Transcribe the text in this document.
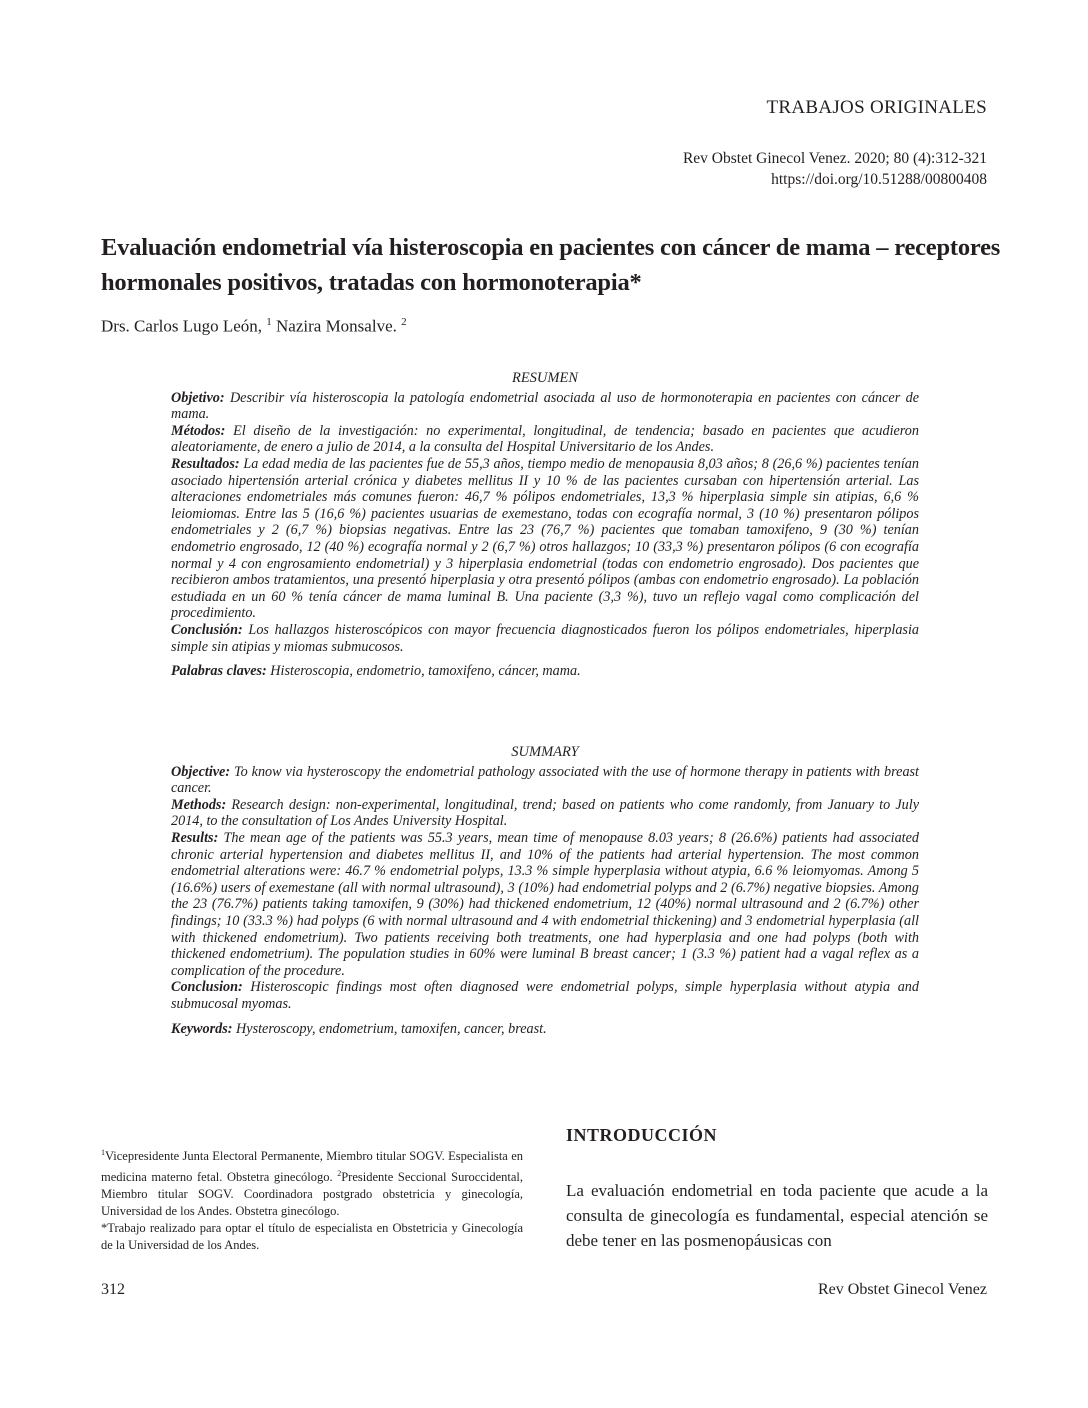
TRABAJOS ORIGINALES
Rev Obstet Ginecol Venez. 2020; 80 (4):312-321
https://doi.org/10.51288/00800408
Evaluación endometrial vía histeroscopia en pacientes con cáncer de mama – receptores hormonales positivos, tratadas con hormonoterapia*
Drs. Carlos Lugo León, $^1$ Nazira Monsalve. $^2$
RESUMEN

Objetivo: Describir vía histeroscopia la patología endometrial asociada al uso de hormonoterapia en pacientes con cáncer de mama.

Métodos: El diseño de la investigación: no experimental, longitudinal, de tendencia; basado en pacientes que acudieron aleatoriamente, de enero a julio de 2014, a la consulta del Hospital Universitario de los Andes.

Resultados: La edad media de las pacientes fue de 55,3 años, tiempo medio de menopausia 8,03 años; 8 (26,6 %) pacientes tenían asociado hipertensión arterial crónica y diabetes mellitus II y 10 % de las pacientes cursaban con hipertensión arterial. Las alteraciones endometriales más comunes fueron: 46,7 % pólipos endometriales, 13,3 % hiperplasia simple sin atipias, 6,6 % leiomiomas. Entre las 5 (16,6 %) pacientes usuarias de exemestano, todas con ecografía normal, 3 (10 %) presentaron pólipos endometriales y 2 (6,7 %) biopsias negativas. Entre las 23 (76,7 %) pacientes que tomaban tamoxifeno, 9 (30 %) tenían endometrio engrosado, 12 (40 %) ecografía normal y 2 (6,7 %) otros hallazgos; 10 (33,3 %) presentaron pólipos (6 con ecografía normal y 4 con engrosamiento endometrial) y 3 hiperplasia endometrial (todas con endometrio engrosado). Dos pacientes que recibieron ambos tratamientos, una presentó hiperplasia y otra presentó pólipos (ambas con endometrio engrosado). La población estudiada en un 60 % tenía cáncer de mama luminal B. Una paciente (3,3 %), tuvo un reflejo vagal como complicación del procedimiento.

Conclusión: Los hallazgos histeroscópicos con mayor frecuencia diagnosticados fueron los pólipos endometriales, hiperplasia simple sin atipias y miomas submucosos.

Palabras claves: Histeroscopia, endometrio, tamoxifeno, cáncer, mama.

SUMMARY

Objective: To know via hysteroscopy the endometrial pathology associated with the use of hormone therapy in patients with breast cancer.

Methods: Research design: non-experimental, longitudinal, trend; based on patients who come randomly, from January to July 2014, to the consultation of Los Andes University Hospital.

Results: The mean age of the patients was 55.3 years, mean time of menopause 8.03 years; 8 (26.6%) patients had associated chronic arterial hypertension and diabetes mellitus II, and 10% of the patients had arterial hypertension. The most common endometrial alterations were: 46.7 % endometrial polyps, 13.3 % simple hyperplasia without atypia, 6.6 % leiomyomas. Among 5 (16.6%) users of exemestane (all with normal ultrasound), 3 (10%) had endometrial polyps and 2 (6.7%) negative biopsies. Among the 23 (76.7%) patients taking tamoxifen, 9 (30%) had thickened endometrium, 12 (40%) normal ultrasound and 2 (6.7%) other findings; 10 (33.3 %) had polyps (6 with normal ultrasound and 4 with endometrial thickening) and 3 endometrial hyperplasia (all with thickened endometrium). Two patients receiving both treatments, one had hyperplasia and one had polyps (both with thickened endometrium). The population studies in 60% were luminal B breast cancer; 1 (3.3 %) patient had a vagal reflex as a complication of the procedure.

Conclusion: Histeroscopic findings most often diagnosed were endometrial polyps, simple hyperplasia without atypia and submucosal myomas.

Keywords: Hysteroscopy, endometrium, tamoxifen, cancer, breast.

$^1$Vicepresidente Junta Electoral Permanente, Miembro titular SOGV. Especialista en medicina materno fetal. Obstetra ginecólogo. $^2$Presidente Seccional Suroccidental, Miembro titular SOGV. Coordinadora postgrado obstetricia y ginecología, Universidad de los Andes. Obstetra ginecólogo.

*Trabajo realizado para optar el título de especialista en Obstetricia y Ginecología de la Universidad de los Andes.

INTRODUCCIÓN
La evaluación endometrial en toda paciente que acude a la consulta de ginecología es fundamental, especial atención se debe tener en las posmenopáusicas con
312	Rev Obstet Ginecol Venez
